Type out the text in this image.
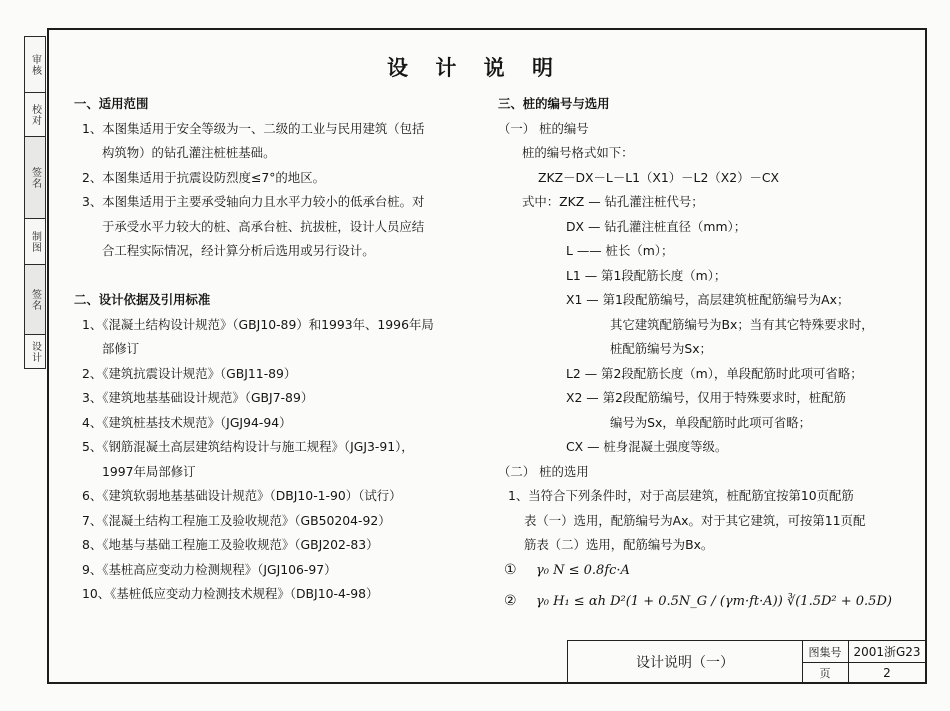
审核
校对
签名
制图
签名
设计
设 计 说 明
一、适用范围
1、本图集适用于安全等级为一、二级的工业与民用建筑（包括
构筑物）的钻孔灌注桩桩基础。
2、本图集适用于抗震设防烈度≤7°的地区。
3、本图集适用于主要承受轴向力且水平力较小的低承台桩。对
于承受水平力较大的桩、高承台桩、抗拔桩，设计人员应结
合工程实际情况，经计算分析后选用或另行设计。

二、设计依据及引用标准
1、《混凝土结构设计规范》（GBJ10-89）和1993年、1996年局
部修订
2、《建筑抗震设计规范》（GBJ11-89）
3、《建筑地基基础设计规范》（GBJ7-89）
4、《建筑桩基技术规范》（JGJ94-94）
5、《钢筋混凝土高层建筑结构设计与施工规程》（JGJ3-91），
1997年局部修订
6、《建筑软弱地基基础设计规范》（DBJ10-1-90）（试行）
7、《混凝土结构工程施工及验收规范》（GB50204-92）
8、《地基与基础工程施工及验收规范》（GBJ202-83）
9、《基桩高应变动力检测规程》（JGJ106-97）
10、《基桩低应变动力检测技术规程》（DBJ10-4-98）
三、桩的编号与选用
（一） 桩的编号
桩的编号格式如下：
ZKZ－DX－L－L1（X1）－L2（X2）－CX
式中：ZKZ — 钻孔灌注桩代号；
DX — 钻孔灌注桩直径（mm）；
L —— 桩长（m）；
L1 — 第1段配筋长度（m）；
X1 — 第1段配筋编号，高层建筑桩配筋编号为Ax；
其它建筑配筋编号为Bx；当有其它特殊要求时，
桩配筋编号为Sx；
L2 — 第2段配筋长度（m），单段配筋时此项可省略；
X2 — 第2段配筋编号，仅用于特殊要求时，桩配筋
编号为Sx，单段配筋时此项可省略；
CX — 桩身混凝土强度等级。
（二） 桩的选用
1、当符合下列条件时，对于高层建筑，桩配筋宜按第10页配筋
表（一）选用，配筋编号为Ax。对于其它建筑，可按第11页配
筋表（二）选用，配筋编号为Bx。
① γ₀ N ≤ 0.8fc·A
② γ₀ H₁ ≤ αh D²(1 + 0.5N_G / (γm·ft·A)) ∛(1.5D² + 0.5D)
设计说明（一）
图集号 2001浙G23
页	2
